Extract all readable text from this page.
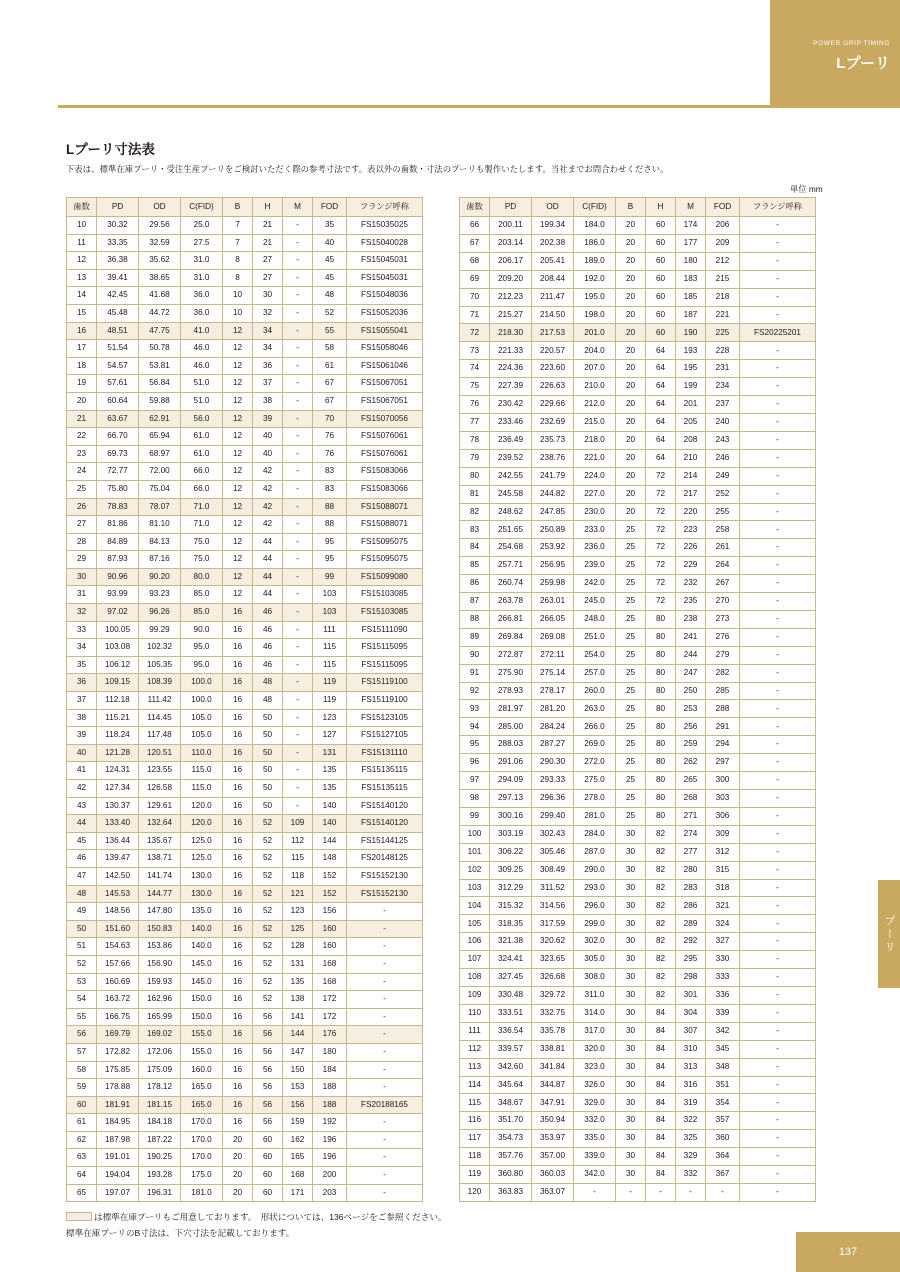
POWER GRIP TIMING
Lプーリ
Lプーリ寸法表
下表は、標準在庫プーリ・受注生産プーリをご検討いただく際の参考寸法です。表以外の歯数・寸法のプーリも製作いたします。当社までお問合わせください。
単位 mm
歯数	PD	OD	C(FID)	B	H	M	FOD	フランジ呼称
10	30.32	29.56	25.0	7	21	-	35	FS15035025
11	33.35	32.59	27.5	7	21	-	40	FS15040028
12	36.38	35.62	31.0	8	27	-	45	FS15045031
13	39.41	38.65	31.0	8	27	-	45	FS15045031
14	42.45	41.68	36.0	10	30	-	48	FS15048036
15	45.48	44.72	36.0	10	32	-	52	FS15052036
16	48.51	47.75	41.0	12	34	-	55	FS15055041
17	51.54	50.78	46.0	12	34	-	58	FS15058046
18	54.57	53.81	46.0	12	36	-	61	FS15061046
19	57.61	56.84	51.0	12	37	-	67	FS15067051
20	60.64	59.88	51.0	12	38	-	67	FS15067051
21	63.67	62.91	56.0	12	39	-	70	FS15070056
22	66.70	65.94	61.0	12	40	-	76	FS15076061
23	69.73	68.97	61.0	12	40	-	76	FS15076061
24	72.77	72.00	66.0	12	42	-	83	FS15083066
25	75.80	75.04	66.0	12	42	-	83	FS15083066
26	78.83	78.07	71.0	12	42	-	88	FS15088071
27	81.86	81.10	71.0	12	42	-	88	FS15088071
28	84.89	84.13	75.0	12	44	-	95	FS15095075
29	87.93	87.16	75.0	12	44	-	95	FS15095075
30	90.96	90.20	80.0	12	44	-	99	FS15099080
31	93.99	93.23	85.0	12	44	-	103	FS15103085
32	97.02	96.26	85.0	16	46	-	103	FS15103085
33	100.05	99.29	90.0	16	46	-	111	FS15111090
34	103.08	102.32	95.0	16	46	-	115	FS15115095
35	106.12	105.35	95.0	16	46	-	115	FS15115095
36	109.15	108.39	100.0	16	48	-	119	FS15119100
37	112.18	111.42	100.0	16	48	-	119	FS15119100
38	115.21	114.45	105.0	16	50	-	123	FS15123105
39	118.24	117.48	105.0	16	50	-	127	FS15127105
40	121.28	120.51	110.0	16	50	-	131	FS15131110
41	124.31	123.55	115.0	16	50	-	135	FS15135115
42	127.34	126.58	115.0	16	50	-	135	FS15135115
43	130.37	129.61	120.0	16	50	-	140	FS15140120
44	133.40	132.64	120.0	16	52	109	140	FS15140120
45	136.44	135.67	125.0	16	52	112	144	FS15144125
46	139.47	138.71	125.0	16	52	115	148	FS20148125
47	142.50	141.74	130.0	16	52	118	152	FS15152130
48	145.53	144.77	130.0	16	52	121	152	FS15152130
49	148.56	147.80	135.0	16	52	123	156	-
50	151.60	150.83	140.0	16	52	125	160	-
51	154.63	153.86	140.0	16	52	128	160	-
52	157.66	156.90	145.0	16	52	131	168	-
53	160.69	159.93	145.0	16	52	135	168	-
54	163.72	162.96	150.0	16	52	138	172	-
55	166.75	165.99	150.0	16	56	141	172	-
56	169.79	169.02	155.0	16	56	144	176	-
57	172.82	172.06	155.0	16	56	147	180	-
58	175.85	175.09	160.0	16	56	150	184	-
59	178.88	178.12	165.0	16	56	153	188	-
60	181.91	181.15	165.0	16	56	156	188	FS20188165
61	184.95	184.18	170.0	16	56	159	192	-
62	187.98	187.22	170.0	20	60	162	196	-
63	191.01	190.25	170.0	20	60	165	196	-
64	194.04	193.28	175.0	20	60	168	200	-
65	197.07	196.31	181.0	20	60	171	203	-
歯数	PD	OD	C(FID)	B	H	M	FOD	フランジ呼称
66	200.11	199.34	184.0	20	60	174	206	-
67	203.14	202.38	186.0	20	60	177	209	-
68	206.17	205.41	189.0	20	60	180	212	-
69	209.20	208.44	192.0	20	60	183	215	-
70	212.23	211.47	195.0	20	60	185	218	-
71	215.27	214.50	198.0	20	60	187	221	-
72	218.30	217.53	201.0	20	60	190	225	FS20225201
73	221.33	220.57	204.0	20	64	193	228	-
74	224.36	223.60	207.0	20	64	195	231	-
75	227.39	226.63	210.0	20	64	199	234	-
76	230.42	229.66	212.0	20	64	201	237	-
77	233.46	232.69	215.0	20	64	205	240	-
78	236.49	235.73	218.0	20	64	208	243	-
79	239.52	238.76	221.0	20	64	210	246	-
80	242.55	241.79	224.0	20	72	214	249	-
81	245.58	244.82	227.0	20	72	217	252	-
82	248.62	247.85	230.0	20	72	220	255	-
83	251.65	250.89	233.0	25	72	223	258	-
84	254.68	253.92	236.0	25	72	226	261	-
85	257.71	256.95	239.0	25	72	229	264	-
86	260.74	259.98	242.0	25	72	232	267	-
87	263.78	263.01	245.0	25	72	235	270	-
88	266.81	266.05	248.0	25	80	238	273	-
89	269.84	269.08	251.0	25	80	241	276	-
90	272.87	272.11	254.0	25	80	244	279	-
91	275.90	275.14	257.0	25	80	247	282	-
92	278.93	278.17	260.0	25	80	250	285	-
93	281.97	281.20	263.0	25	80	253	288	-
94	285.00	284.24	266.0	25	80	256	291	-
95	288.03	287.27	269.0	25	80	259	294	-
96	291.06	290.30	272.0	25	80	262	297	-
97	294.09	293.33	275.0	25	80	265	300	-
98	297.13	296.36	278.0	25	80	268	303	-
99	300.16	299.40	281.0	25	80	271	306	-
100	303.19	302.43	284.0	30	82	274	309	-
101	306.22	305.46	287.0	30	82	277	312	-
102	309.25	308.49	290.0	30	82	280	315	-
103	312.29	311.52	293.0	30	82	283	318	-
104	315.32	314.56	296.0	30	82	286	321	-
105	318.35	317.59	299.0	30	82	289	324	-
106	321.38	320.62	302.0	30	82	292	327	-
107	324.41	323.65	305.0	30	82	295	330	-
108	327.45	326.68	308.0	30	82	298	333	-
109	330.48	329.72	311.0	30	82	301	336	-
110	333.51	332.75	314.0	30	84	304	339	-
111	336.54	335.78	317.0	30	84	307	342	-
112	339.57	338.81	320.0	30	84	310	345	-
113	342.60	341.84	323.0	30	84	313	348	-
114	345.64	344.87	326.0	30	84	316	351	-
115	348.67	347.91	329.0	30	84	319	354	-
116	351.70	350.94	332.0	30	84	322	357	-
117	354.73	353.97	335.0	30	84	325	360	-
118	357.76	357.00	339.0	30	84	329	364	-
119	360.80	360.03	342.0	30	84	332	367	-
120	363.83	363.07	-	-	-	-	-	-
は標準在庫プーリもご用意しております。　形状については、136ページをご参照ください。
標準在庫プーリのB寸法は、下穴寸法を記載しております。
プーリ
137
